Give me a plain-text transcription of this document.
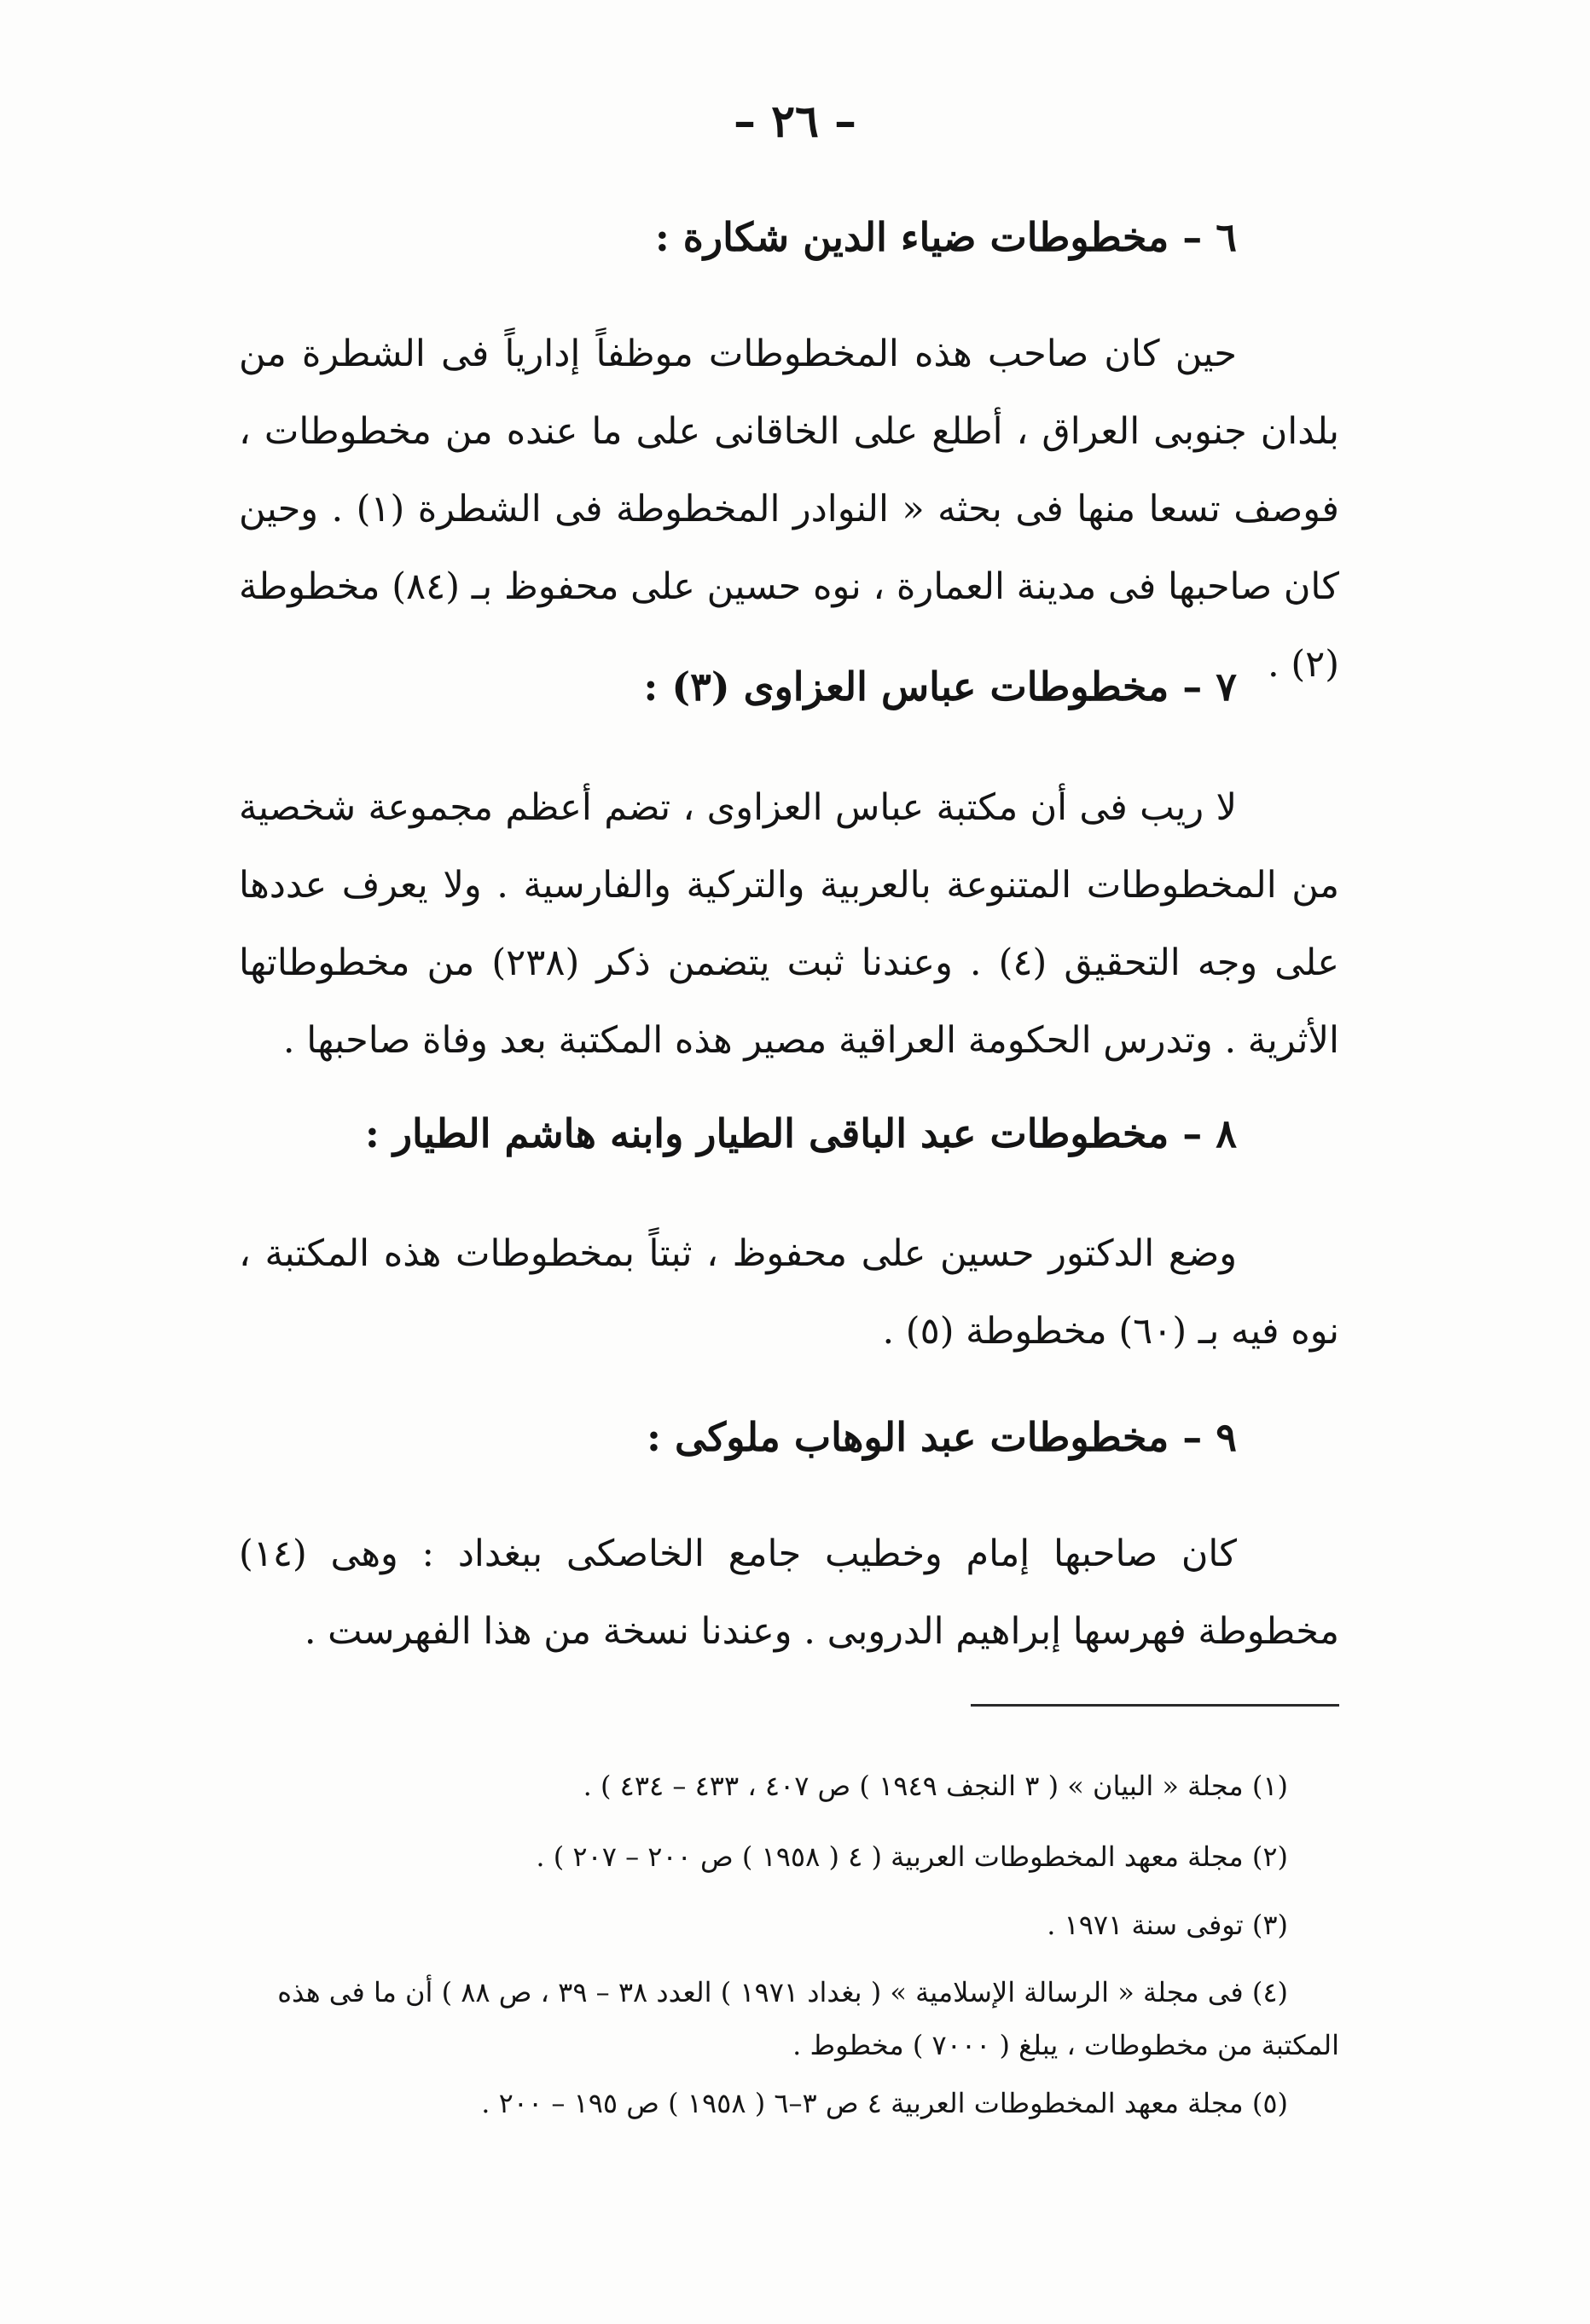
– ٢٦ –
٦ – مخطوطات ضياء الدين شكارة :

حين كان صاحب هذه المخطوطات موظفاً إدارياً فى الشطرة من بلدان جنوبى العراق ، أطلع على الخاقانى على ما عنده من مخطوطات ، فوصف تسعا منها فى بحثه « النوادر المخطوطة فى الشطرة (١) . وحين كان صاحبها فى مدينة العمارة ، نوه حسين على محفوظ بـ (٨٤) مخطوطة (٢) .

٧ – مخطوطات عباس العزاوى (٣) :

لا ريب فى أن مكتبة عباس العزاوى ، تضم أعظم مجموعة شخصية من المخطوطات المتنوعة بالعربية والتركية والفارسية . ولا يعرف عددها على وجه التحقيق (٤) . وعندنا ثبت يتضمن ذكر (٢٣٨) من مخطوطاتها الأثرية . وتدرس الحكومة العراقية مصير هذه المكتبة بعد وفاة صاحبها .

٨ – مخطوطات عبد الباقى الطيار وابنه هاشم الطيار :

وضع الدكتور حسين على محفوظ ، ثبتاً بمخطوطات هذه المكتبة ، نوه فيه بـ (٦٠) مخطوطة (٥) .

٩ – مخطوطات عبد الوهاب ملوكى :

كان صاحبها إمام وخطيب جامع الخاصكى ببغداد : وهى (١٤) مخطوطة فهرسها إبراهيم الدروبى . وعندنا نسخة من هذا الفهرست .

(١) مجلة « البيان » ( ٣ النجف ١٩٤٩ ) ص ٤٠٧ ، ٤٣٣ – ٤٣٤ ) .
(٢) مجلة معهد المخطوطات العربية ( ٤ ( ١٩٥٨ ) ص ٢٠٠ – ٢٠٧ ) .
(٣) توفى سنة ١٩٧١ .
(٤) فى مجلة « الرسالة الإسلامية » ( بغداد ١٩٧١ ) العدد ٣٨ – ٣٩ ، ص ٨٨ ) أن ما فى هذه المكتبة من مخطوطات ، يبلغ ( ٧٠٠٠ ) مخطوط .
(٥) مجلة معهد المخطوطات العربية ٤ ص ٣–٦ ( ١٩٥٨ ) ص ١٩٥ – ٢٠٠ .
